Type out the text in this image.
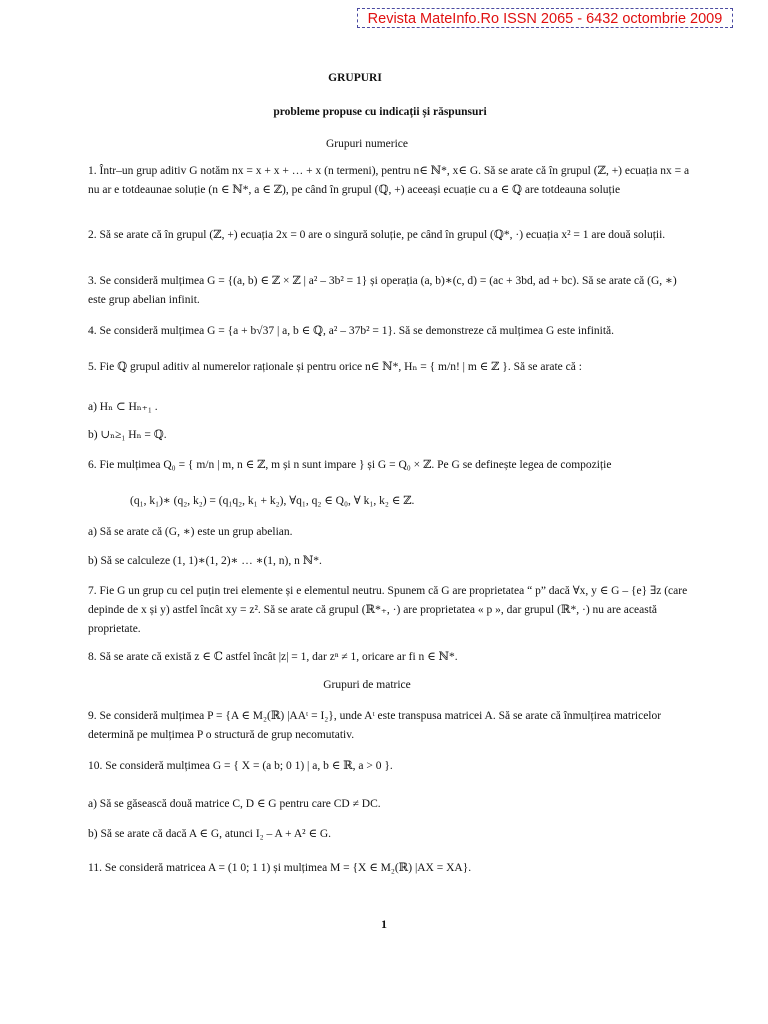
Revista MateInfo.Ro ISSN 2065 - 6432 octombrie 2009
GRUPURI
probleme propuse cu indicații și răspunsuri
Grupuri numerice
1. Într–un grup aditiv G notăm nx = x + x + … + x (n termeni), pentru n∈ ℕ*, x∈ G. Să se arate că în grupul (ℤ, +) ecuația nx = a nu ar e totdeaunae soluție (n ∈ ℕ*, a ∈ ℤ), pe când în grupul (ℚ, +) aceeași ecuație cu a ∈ ℚ are totdeauna soluție
2. Să se arate că în grupul (ℤ, +) ecuația 2x = 0 are o singură soluție, pe când în grupul (ℚ*, ·) ecuația x² = 1 are două soluții.
3. Se consideră mulțimea G = {(a, b) ∈ ℤ × ℤ | a² – 3b² = 1} și operația (a, b)∗(c, d) = (ac + 3bd, ad + bc). Să se arate că (G, ∗) este grup abelian infinit.
4. Se consideră mulțimea G = {a + b√37 | a, b ∈ ℚ, a² – 37b² = 1}. Să se demonstreze că mulțimea G este infinită.
5. Fie ℚ grupul aditiv al numerelor raționale și pentru orice n∈ ℕ*, Hₙ = { m/n! | m ∈ ℤ }. Să se arate că :
a) Hₙ ⊂ Hₙ₊₁ .
b) ∪ₙ≥₁ Hₙ = ℚ.
6. Fie mulțimea Q₀ = { m/n | m, n ∈ ℤ, m și n sunt impare } și G = Q₀ × ℤ. Pe G se definește legea de compoziție
(q₁, k₁)∗ (q₂, k₂) = (q₁q₂, k₁ + k₂), ∀q₁, q₂ ∈ Q₀, ∀ k₁, k₂ ∈ ℤ.
a) Să se arate că (G, ∗) este un grup abelian.
b) Să se calculeze (1, 1)∗(1, 2)∗ … ∗(1, n), n ℕ*.
7. Fie G un grup cu cel puțin trei elemente și e elementul neutru. Spunem că G are proprietatea “ p” dacă ∀x, y ∈ G – {e} ∃z (care depinde de x și y) astfel încât xy = z². Să se arate că grupul (ℝ*₊, ·) are proprietatea « p », dar grupul (ℝ*, ·) nu are această proprietate.
8. Să se arate că există z ∈ ℂ astfel încât |z| = 1, dar zⁿ ≠ 1, oricare ar fi n ∈ ℕ*.
Grupuri de matrice
9. Se consideră mulțimea P = {A ∈ M₂(ℝ) |AAᵗ = I₂}, unde Aᵗ este transpusa matricei A. Să se arate că înmulțirea matricelor determină pe mulțimea P o structură de grup necomutativ.
10. Se consideră mulțimea G = { X = (a b; 0 1) | a, b ∈ ℝ, a > 0 }.
a) Să se găsească două matrice C, D ∈ G pentru care CD ≠ DC.
b) Să se arate că dacă A ∈ G, atunci I₂ – A + A² ∈ G.
11. Se consideră matricea A = (1 0; 1 1) și mulțimea M = {X ∈ M₂(ℝ) |AX = XA}.
1
